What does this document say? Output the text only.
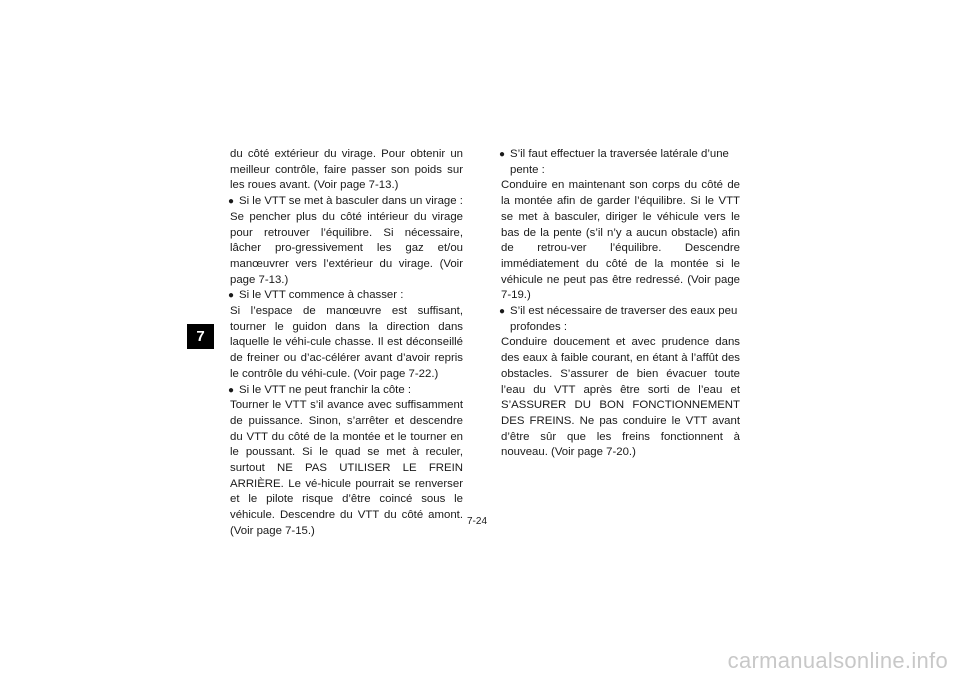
7

du côté extérieur du virage. Pour obtenir un meilleur contrôle, faire passer son poids sur les roues avant. (Voir page 7-13.)

● Si le VTT se met à basculer dans un virage :
Se pencher plus du côté intérieur du virage pour retrouver l’équilibre. Si nécessaire, lâcher pro-gressivement les gaz et/ou manœuvrer vers l’extérieur du virage. (Voir page 7-13.)
● Si le VTT commence à chasser :
Si l’espace de manœuvre est suffisant, tourner le guidon dans la direction dans laquelle le véhi-cule chasse. Il est déconseillé de freiner ou d’ac-célérer avant d’avoir repris le contrôle du véhi-cule. (Voir page 7-22.)
● Si le VTT ne peut franchir la côte :
Tourner le VTT s’il avance avec suffisamment de puissance. Sinon, s’arrêter et descendre du VTT du côté de la montée et le tourner en le poussant. Si le quad se met à reculer, surtout NE PAS UTILISER LE FREIN ARRIÈRE. Le vé-hicule pourrait se renverser et le pilote risque d’être coincé sous le véhicule. Descendre du VTT du côté amont. (Voir page 7-15.)
● S’il faut effectuer la traversée latérale d’une pente :
Conduire en maintenant son corps du côté de la montée afin de garder l’équilibre. Si le VTT se met à basculer, diriger le véhicule vers le bas de la pente (s’il n’y a aucun obstacle) afin de retrou-ver l’équilibre. Descendre immédiatement du côté de la montée si le véhicule ne peut pas être redressé. (Voir page 7-19.)
● S’il est nécessaire de traverser des eaux peu profondes :
Conduire doucement et avec prudence dans des eaux à faible courant, en étant à l’affût des obstacles. S’assurer de bien évacuer toute l’eau du VTT après être sorti de l’eau et S’ASSURER DU BON FONCTIONNEMENT DES FREINS. Ne pas conduire le VTT avant d’être sûr que les freins fonctionnent à nouveau. (Voir page 7-20.)
7-24
carmanualsonline.info
